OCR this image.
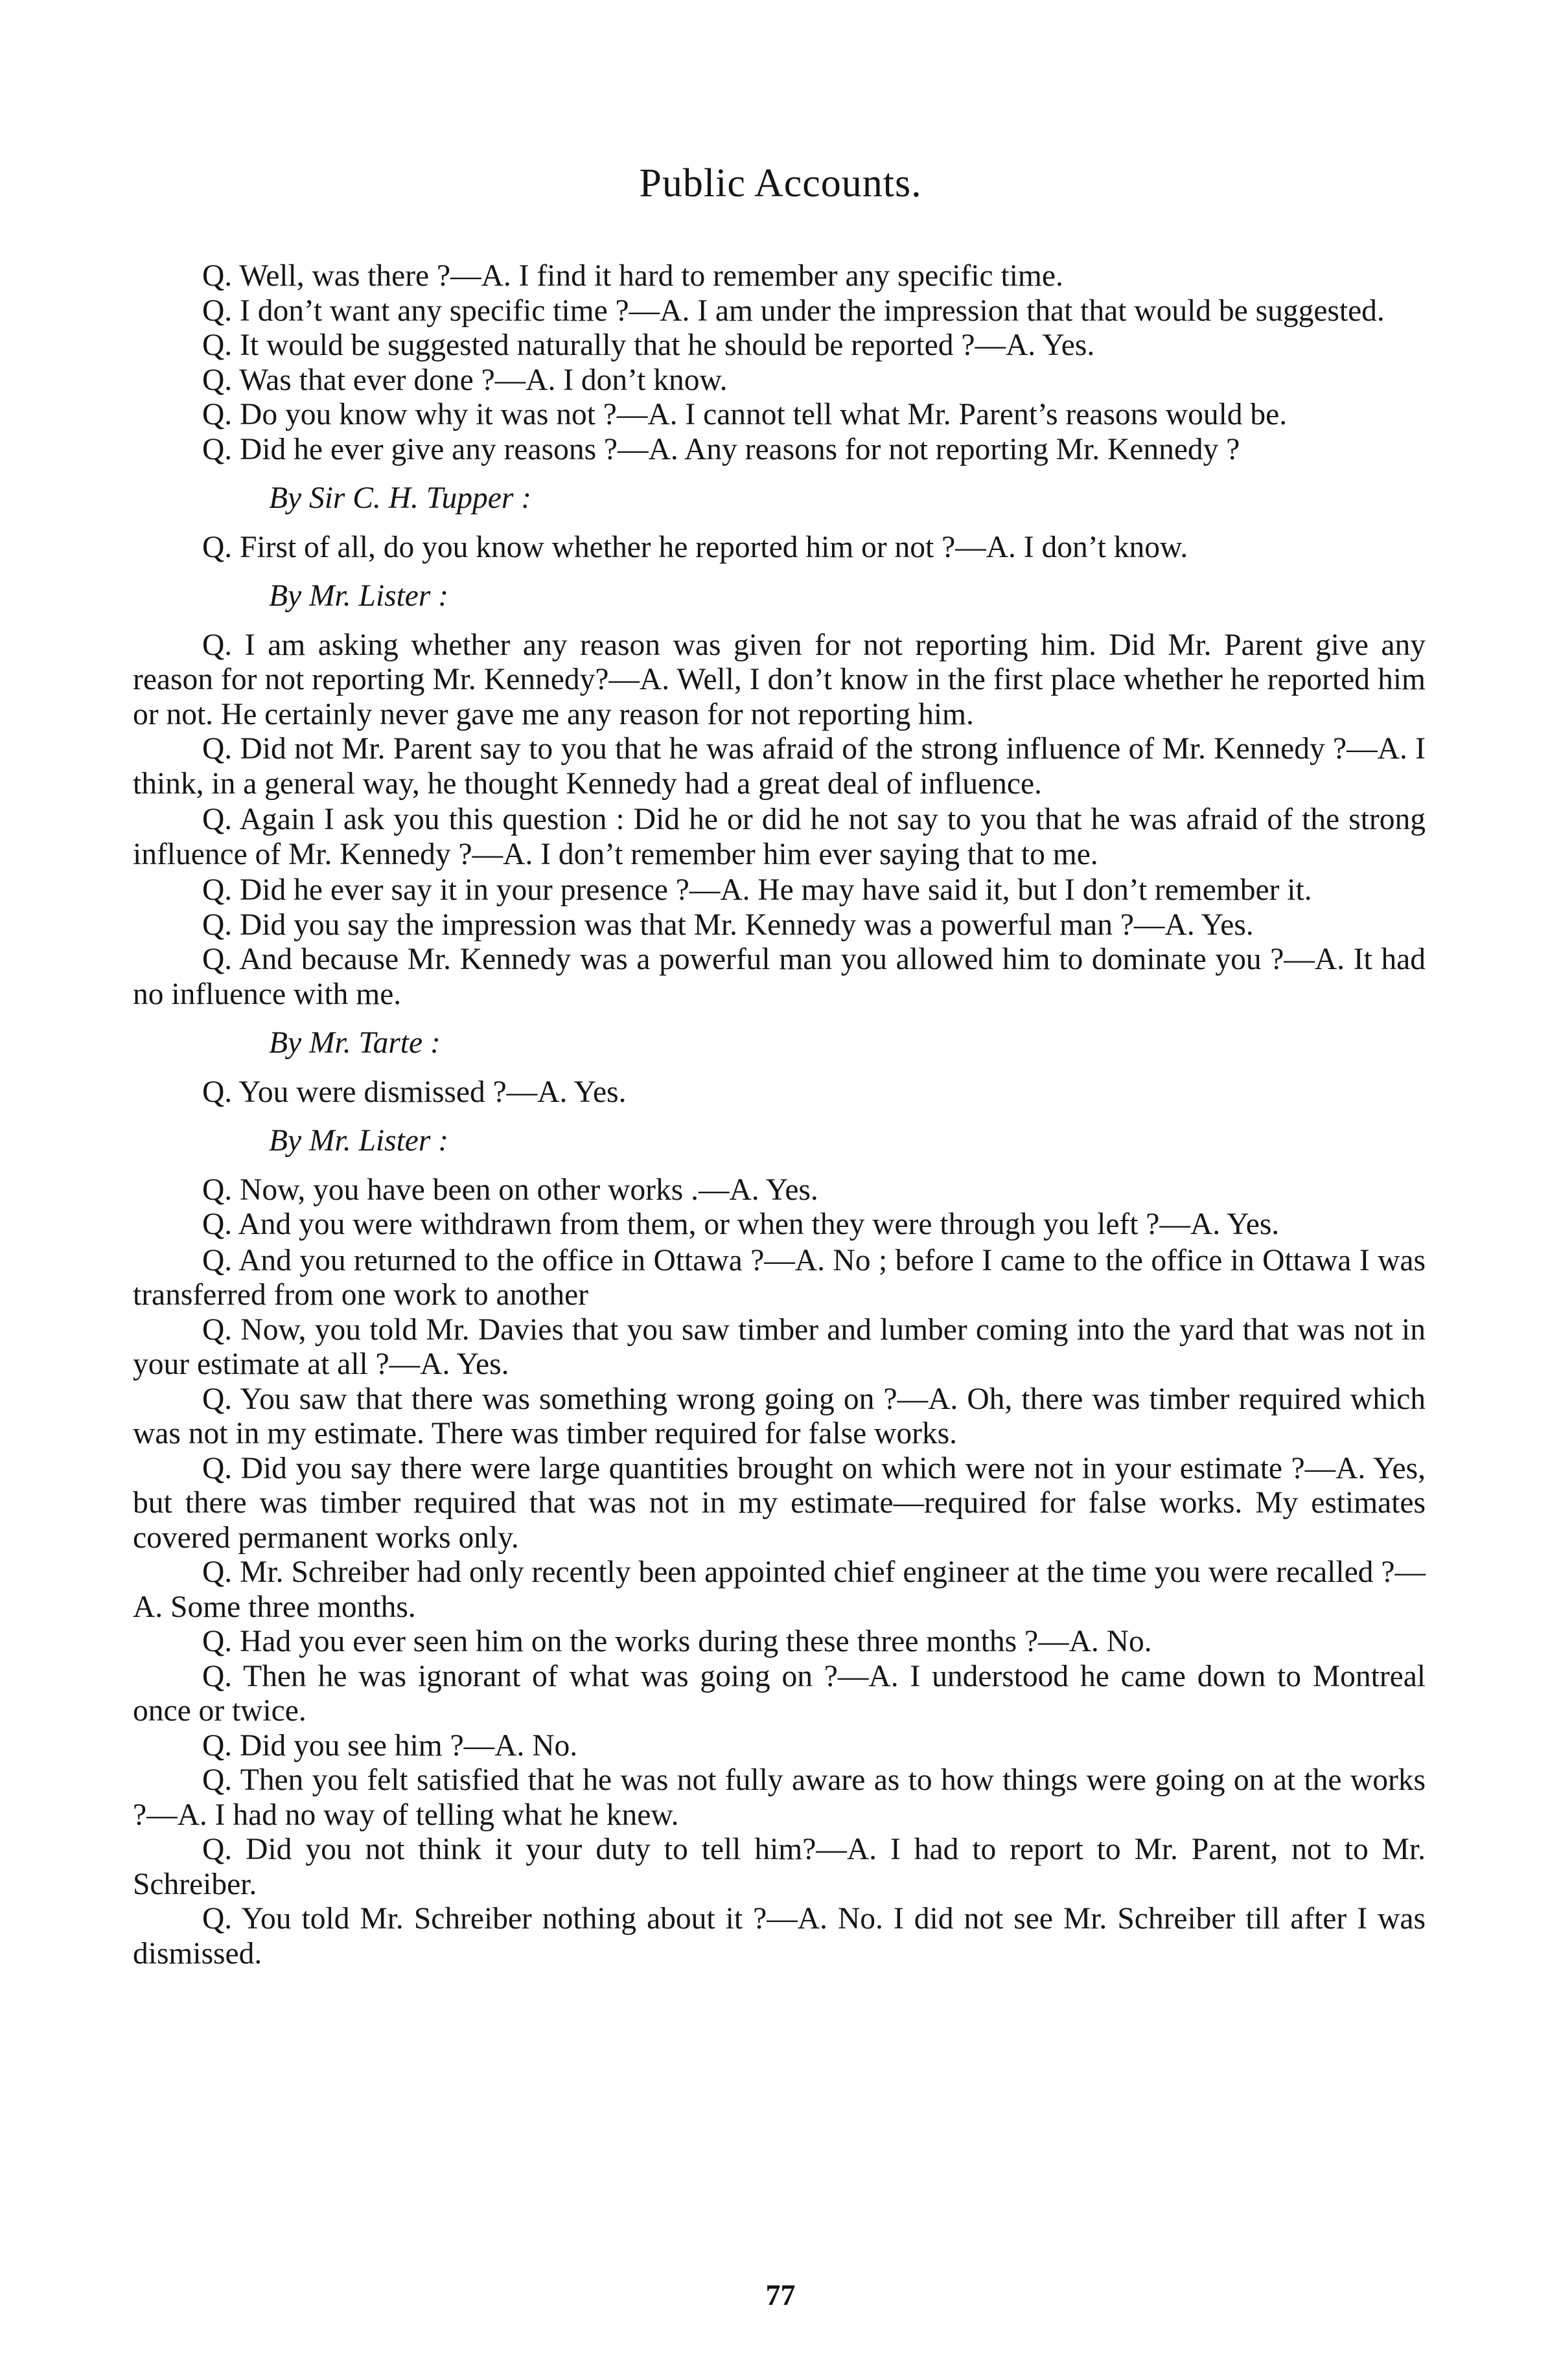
Public Accounts.

Q. Well, was there ?—A. I find it hard to remember any specific time.

Q. I don’t want any specific time ?—A. I am under the impression that that would be suggested.

Q. It would be suggested naturally that he should be reported ?—A. Yes.

Q. Was that ever done ?—A. I don’t know.

Q. Do you know why it was not ?—A. I cannot tell what Mr. Parent’s reasons would be.

Q. Did he ever give any reasons ?—A. Any reasons for not reporting Mr. Kennedy ?

By Sir C. H. Tupper :

Q. First of all, do you know whether he reported him or not ?—A. I don’t know.

By Mr. Lister :

Q. I am asking whether any reason was given for not reporting him. Did Mr. Parent give any reason for not reporting Mr. Kennedy?—A. Well, I don’t know in the first place whether he reported him or not. He certainly never gave me any reason for not reporting him.

Q. Did not Mr. Parent say to you that he was afraid of the strong influence of Mr. Kennedy ?—A. I think, in a general way, he thought Kennedy had a great deal of influence.

Q. Again I ask you this question : Did he or did he not say to you that he was afraid of the strong influence of Mr. Kennedy ?—A. I don’t remember him ever saying that to me.

Q. Did he ever say it in your presence ?—A. He may have said it, but I don’t remember it.

Q. Did you say the impression was that Mr. Kennedy was a powerful man ?—A. Yes.

Q. And because Mr. Kennedy was a powerful man you allowed him to dominate you ?—A. It had no influence with me.

By Mr. Tarte :

Q. You were dismissed ?—A. Yes.

By Mr. Lister :

Q. Now, you have been on other works .—A. Yes.

Q. And you were withdrawn from them, or when they were through you left ?—A. Yes.

Q. And you returned to the office in Ottawa ?—A. No ; before I came to the office in Ottawa I was transferred from one work to another

Q. Now, you told Mr. Davies that you saw timber and lumber coming into the yard that was not in your estimate at all ?—A. Yes.

Q. You saw that there was something wrong going on ?—A. Oh, there was timber required which was not in my estimate. There was timber required for false works.

Q. Did you say there were large quantities brought on which were not in your estimate ?—A. Yes, but there was timber required that was not in my estimate—required for false works. My estimates covered permanent works only.

Q. Mr. Schreiber had only recently been appointed chief engineer at the time you were recalled ?—A. Some three months.

Q. Had you ever seen him on the works during these three months ?—A. No.

Q. Then he was ignorant of what was going on ?—A. I understood he came down to Montreal once or twice.

Q. Did you see him ?—A. No.

Q. Then you felt satisfied that he was not fully aware as to how things were going on at the works ?—A. I had no way of telling what he knew.

Q. Did you not think it your duty to tell him?—A. I had to report to Mr. Parent, not to Mr. Schreiber.

Q. You told Mr. Schreiber nothing about it ?—A. No. I did not see Mr. Schreiber till after I was dismissed.

77
